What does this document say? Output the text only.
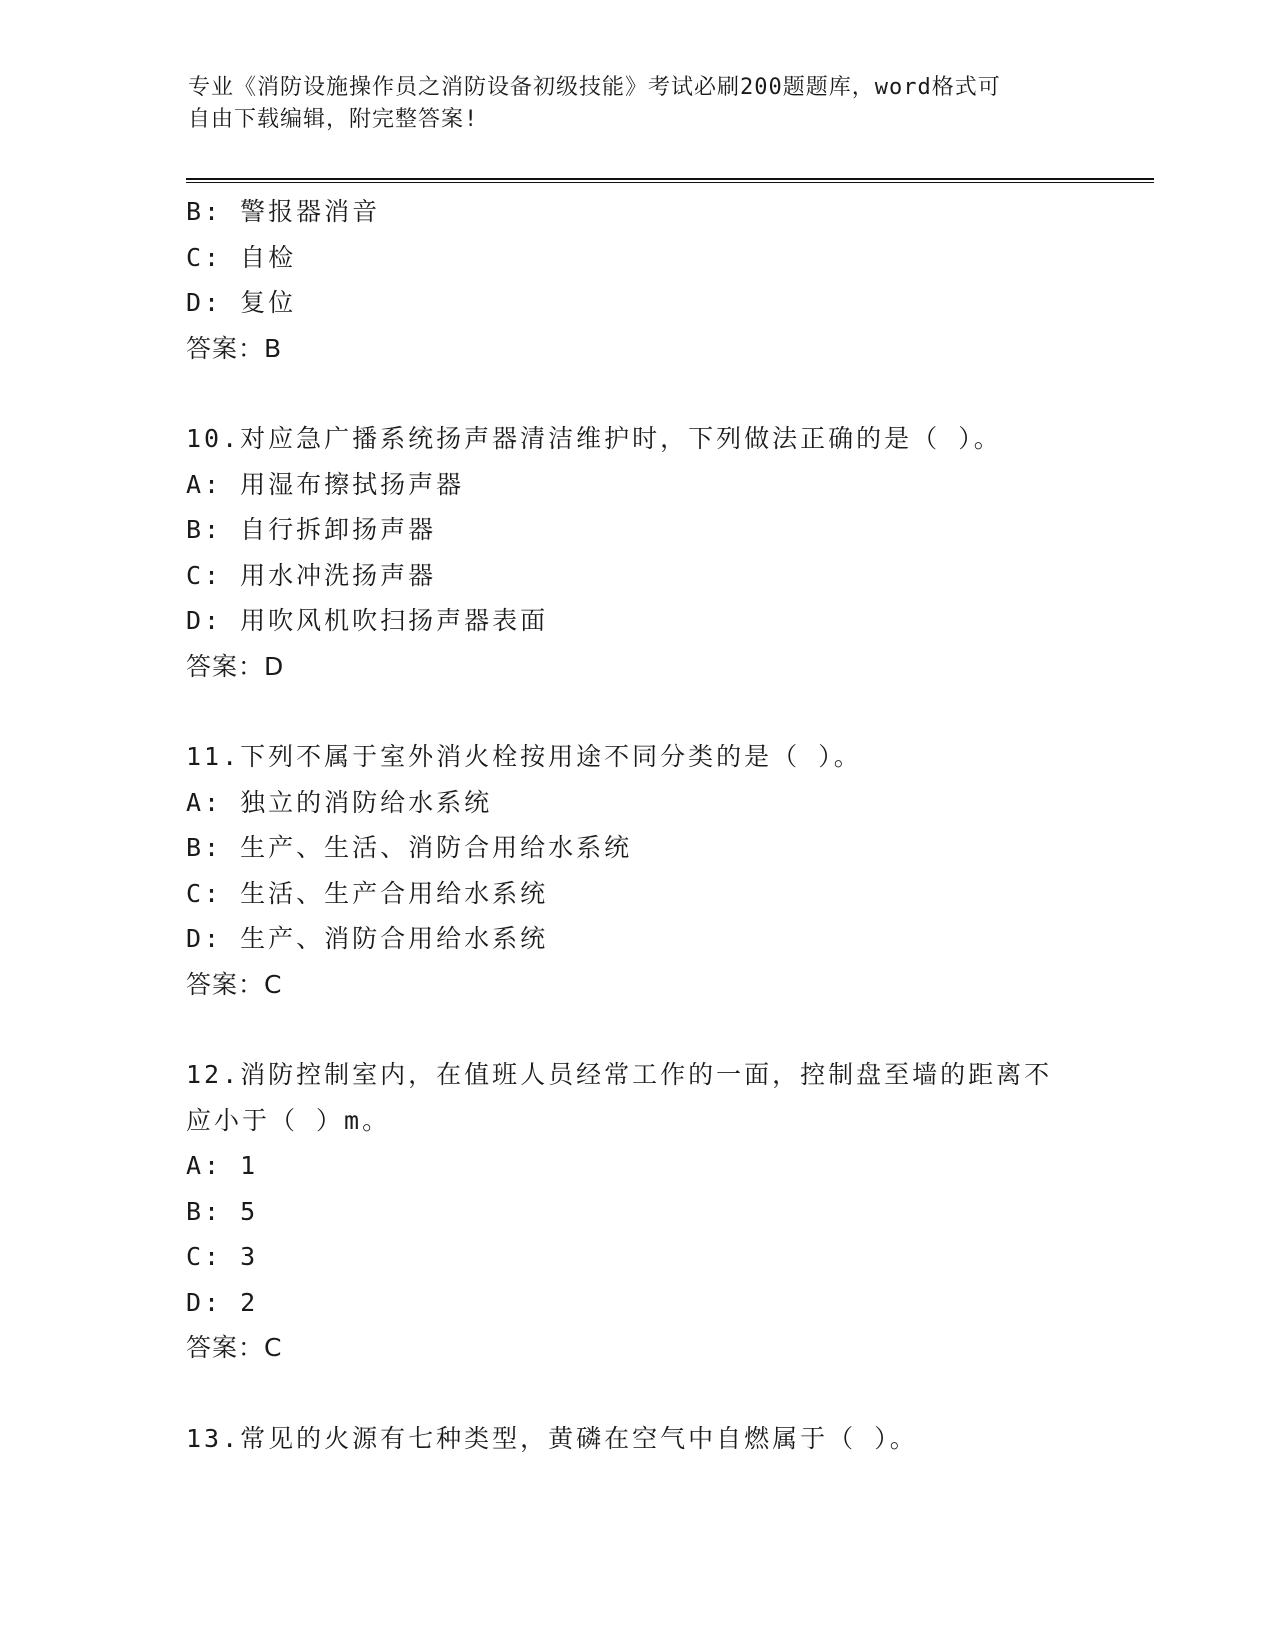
专业《消防设施操作员之消防设备初级技能》考试必刷200题题库，word格式可
自由下载编辑，附完整答案!
B: 警报器消音
C: 自检
D: 复位
答案：B
10.对应急广播系统扬声器清洁维护时，下列做法正确的是（ ）。
A: 用湿布擦拭扬声器
B: 自行拆卸扬声器
C: 用水冲洗扬声器
D: 用吹风机吹扫扬声器表面
答案：D
11.下列不属于室外消火栓按用途不同分类的是（ ）。
A: 独立的消防给水系统
B: 生产、生活、消防合用给水系统
C: 生活、生产合用给水系统
D: 生产、消防合用给水系统
答案：C
12.消防控制室内，在值班人员经常工作的一面，控制盘至墙的距离不
应小于（ ）m。
A: 1
B: 5
C: 3
D: 2
答案：C
13.常见的火源有七种类型，黄磷在空气中自燃属于（ ）。
